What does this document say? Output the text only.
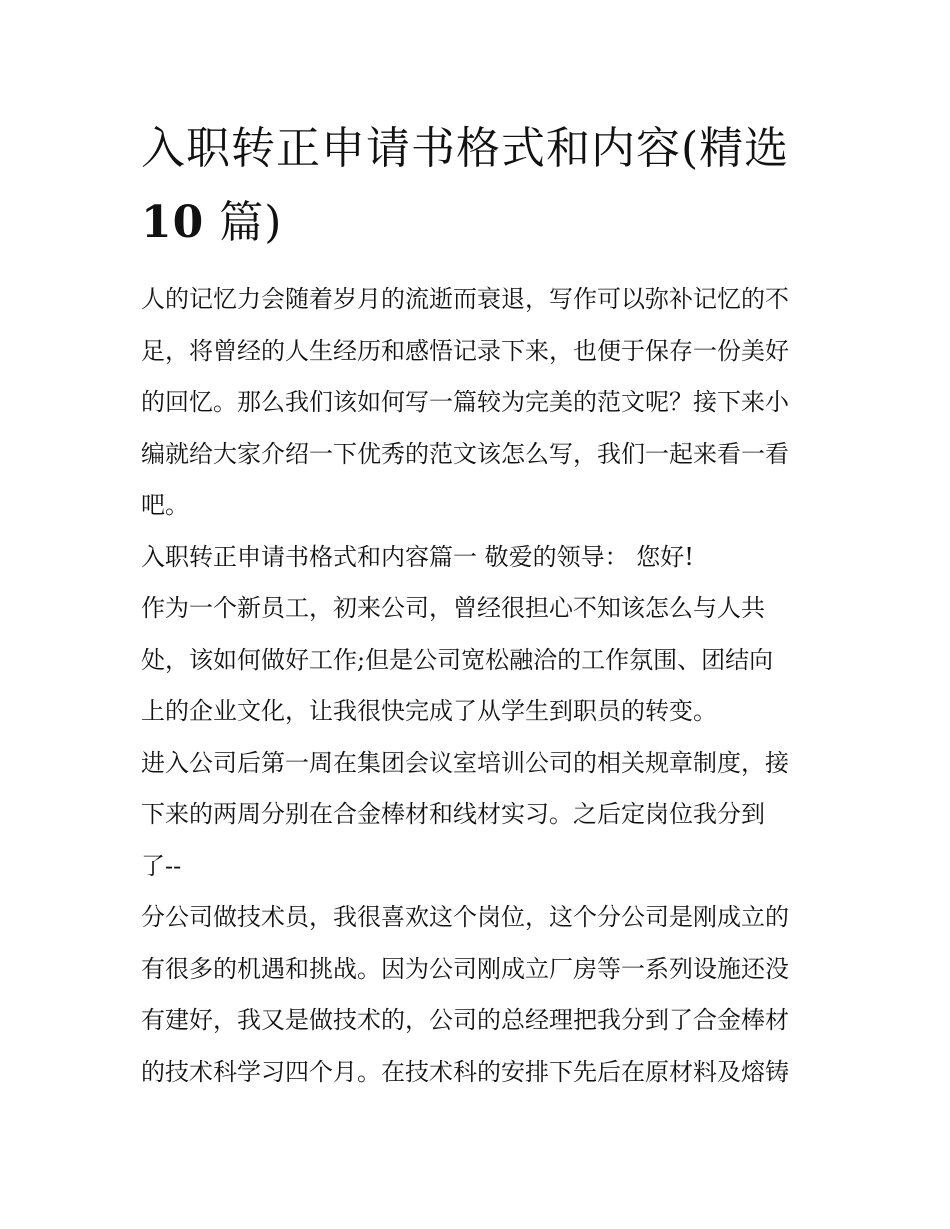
入职转正申请书格式和内容(精选
10 篇)

人的记忆力会随着岁月的流逝而衰退，写作可以弥补记忆的不
足，将曾经的人生经历和感悟记录下来，也便于保存一份美好
的回忆。那么我们该如何写一篇较为完美的范文呢？接下来小
编就给大家介绍一下优秀的范文该怎么写，我们一起来看一看
吧。

入职转正申请书格式和内容篇一 敬爱的领导： 您好!

作为一个新员工，初来公司，曾经很担心不知该怎么与人共
处，该如何做好工作;但是公司宽松融洽的工作氛围、团结向
上的企业文化，让我很快完成了从学生到职员的转变。

进入公司后第一周在集团会议室培训公司的相关规章制度，接
下来的两周分别在合金棒材和线材实习。之后定岗位我分到
了--

分公司做技术员，我很喜欢这个岗位，这个分公司是刚成立的
有很多的机遇和挑战。因为公司刚成立厂房等一系列设施还没
有建好，我又是做技术的，公司的总经理把我分到了合金棒材
的技术科学习四个月。在技术科的安排下先后在原材料及熔铸
